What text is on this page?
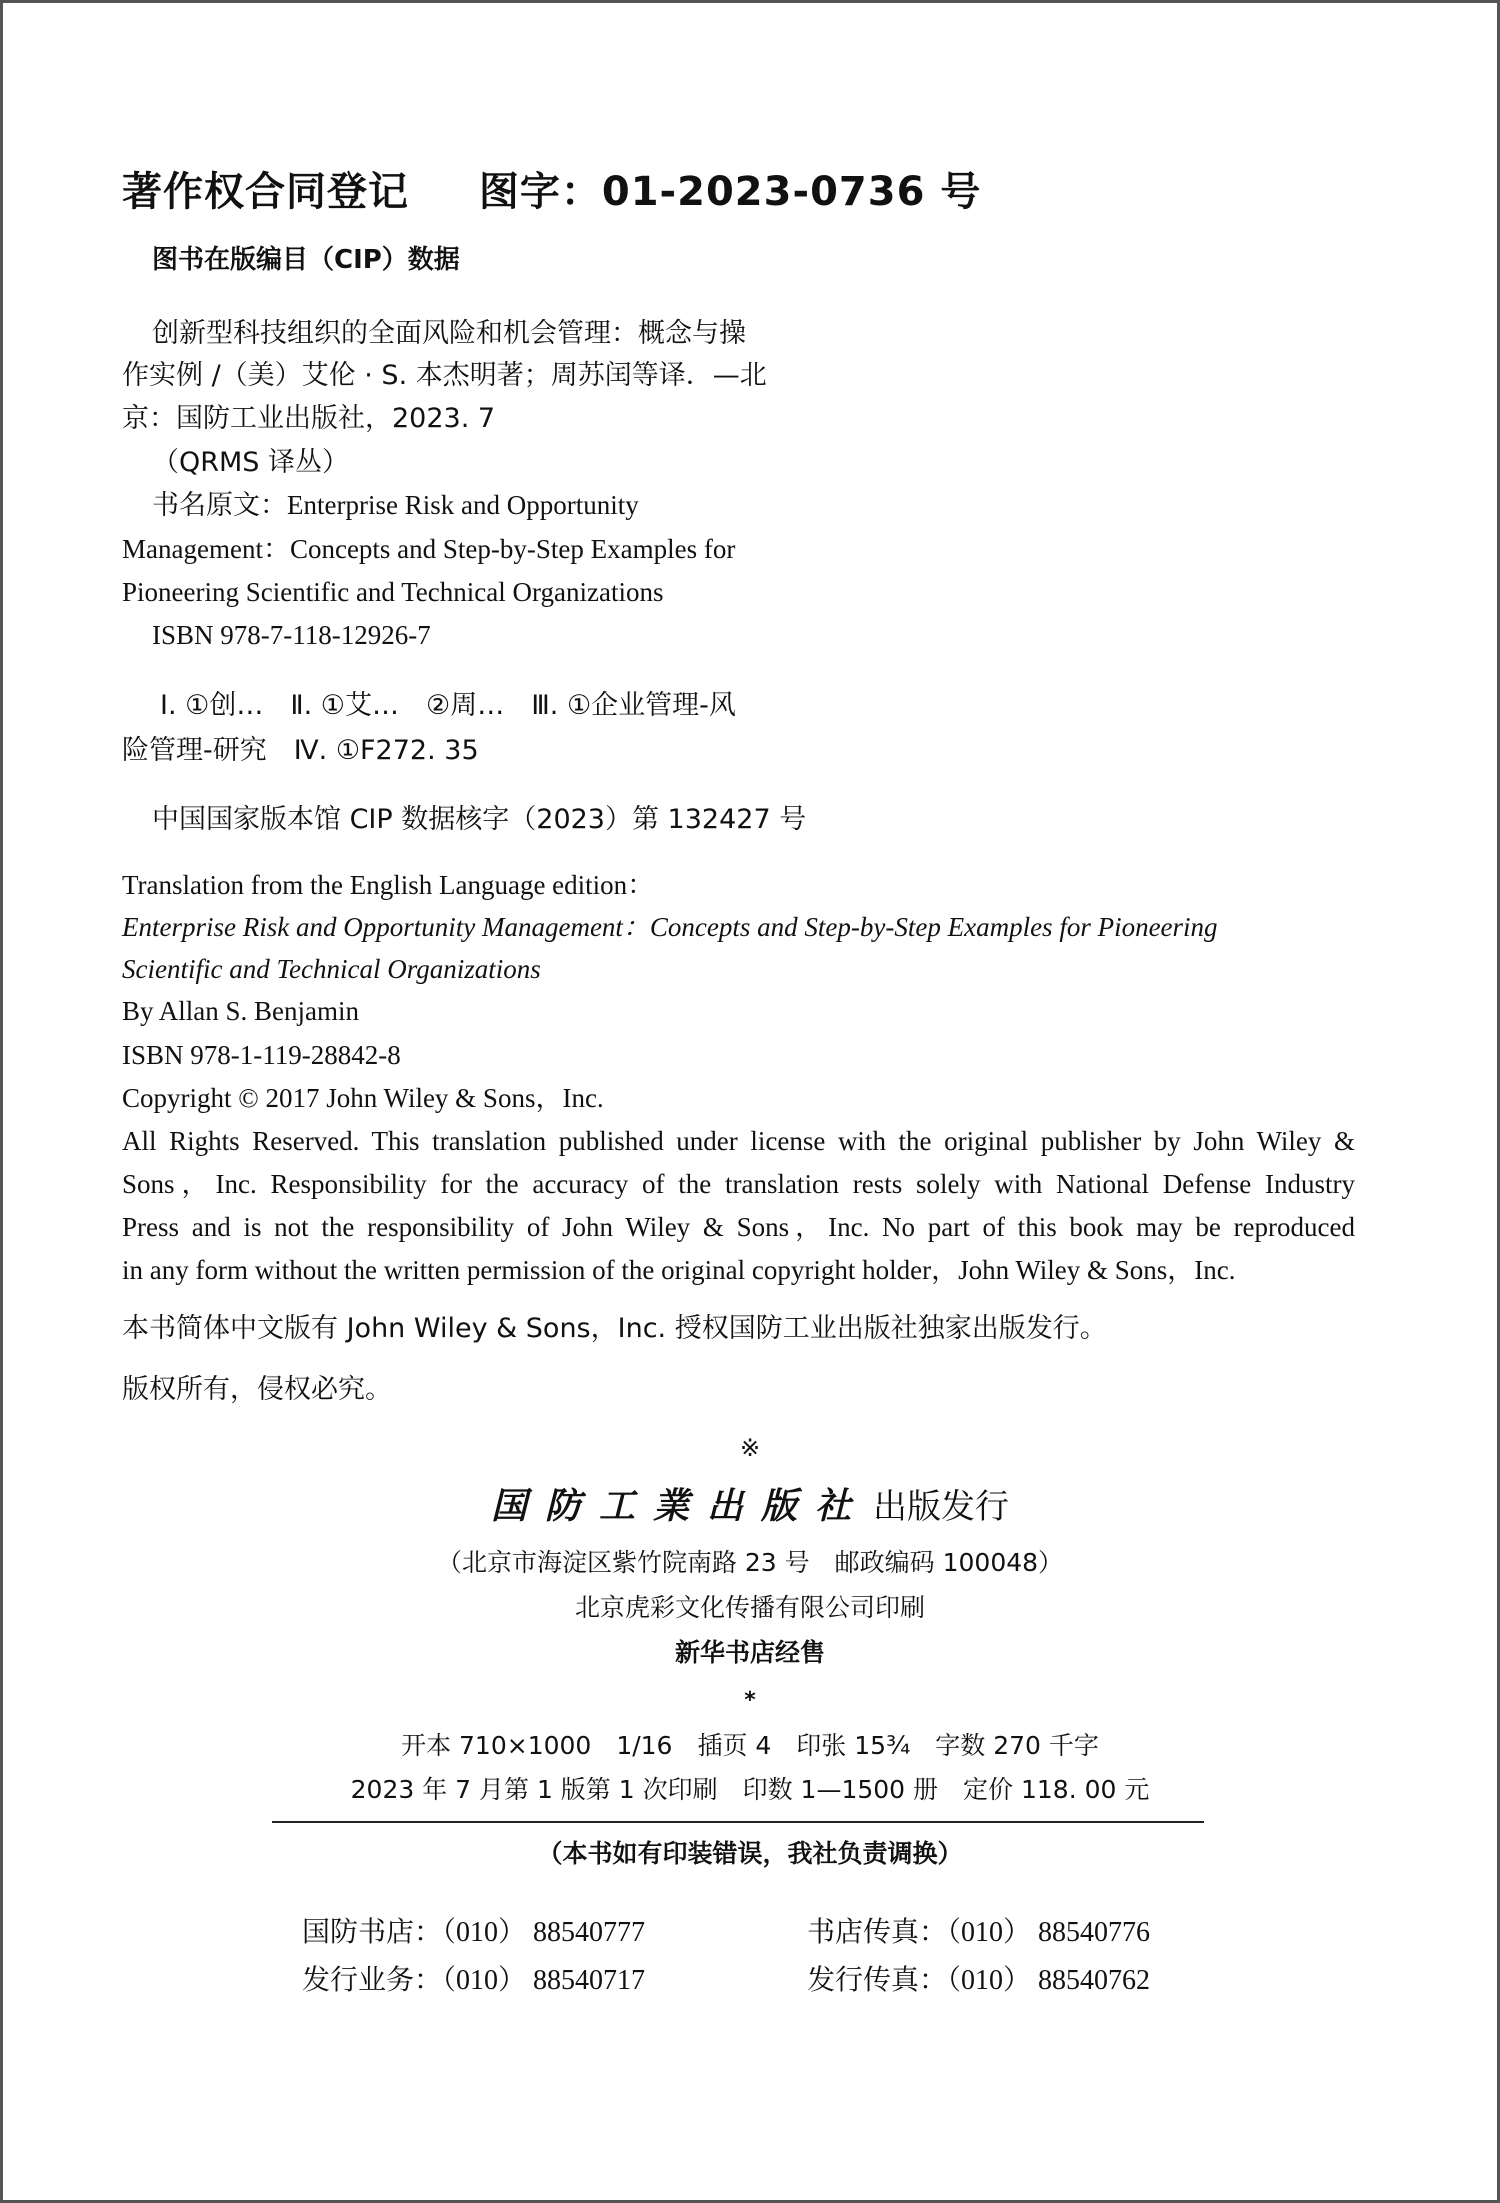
著作权合同登记 图字：01-2023-0736 号
图书在版编目（CIP）数据
创新型科技组织的全面风险和机会管理：概念与操
作实例 /（美）艾伦 · S. 本杰明著；周苏闰等译．—北
京：国防工业出版社，2023. 7
（QRMS 译丛）
书名原文：Enterprise Risk and Opportunity
Management：Concepts and Step-by-Step Examples for
Pioneering Scientific and Technical Organizations
ISBN 978-7-118-12926-7
Ⅰ. ①创…　Ⅱ. ①艾…　②周…　Ⅲ. ①企业管理-风
险管理-研究　Ⅳ. ①F272. 35
中国国家版本馆 CIP 数据核字（2023）第 132427 号
Translation from the English Language edition：
Enterprise Risk and Opportunity Management：Concepts and Step-by-Step Examples for Pioneering
Scientific and Technical Organizations
By Allan S. Benjamin
ISBN 978-1-119-28842-8
Copyright © 2017 John Wiley & Sons，Inc.
All Rights Reserved. This translation published under license with the original publisher by John Wiley &
Sons，Inc. Responsibility for the accuracy of the translation rests solely with National Defense Industry
Press and is not the responsibility of John Wiley & Sons，Inc. No part of this book may be reproduced
in any form without the written permission of the original copyright holder，John Wiley & Sons，Inc.
本书简体中文版有 John Wiley & Sons，Inc. 授权国防工业出版社独家出版发行。
版权所有，侵权必究。
※
国防工業出版社 出版发行
（北京市海淀区紫竹院南路 23 号　邮政编码 100048）
北京虎彩文化传播有限公司印刷
新华书店经售
*
开本 710×1000　1/16　插页 4　印张 15¾　字数 270 千字
2023 年 7 月第 1 版第 1 次印刷　印数 1—1500 册　定价 118. 00 元
（本书如有印装错误，我社负责调换）
国防书店：（010） 88540777	书店传真：（010） 88540776
发行业务：（010） 88540717	发行传真：（010） 88540762
